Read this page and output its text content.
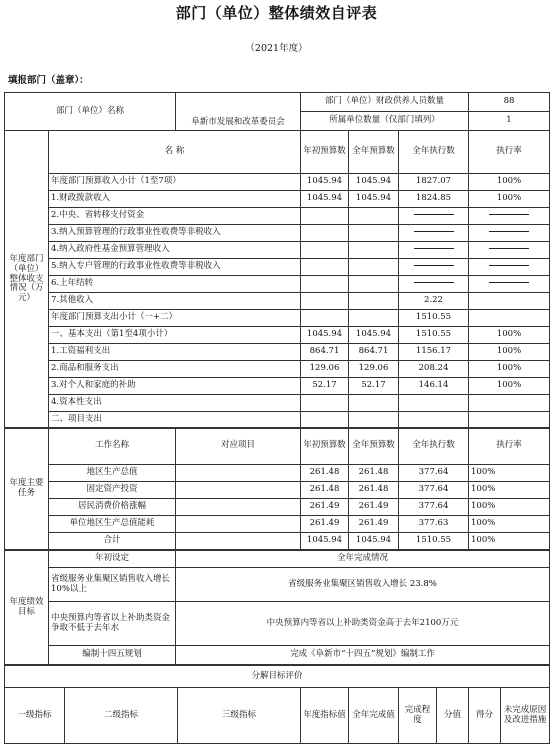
部门（单位）整体绩效自评表
（2021年度）
填报部门（盖章）：
部门（单位）名称	阜新市发展和改革委员会	部门（单位）财政供养人员数量	88
		所属单位数量（仅部门填列）	1
年度部门（单位）整体收支情况（万元）	名 称	年初预算数	全年预算数	全年执行数	执行率
	年度部门预算收入小计（1至7项）	1045.94	1045.94	1827.07	100%
	1.财政拨款收入	1045.94	1045.94	1824.85	100%
	2.中央、省转移支付资金				
	3.纳入预算管理的行政事业性收费等非税收入				
	4.纳入政府性基金预算管理收入				
	5.纳入专户管理的行政事业性收费等非税收入				
	6.上年结转				
	7.其他收入			2.22	
	年度部门预算支出小计（一+二）			1510.55	
	一、基本支出（第1至4项小计）	1045.94	1045.94	1510.55	100%
	1.工资福利支出	864.71	864.71	1156.17	100%
	2.商品和服务支出	129.06	129.06	208.24	100%
	3.对个人和家庭的补助	52.17	52.17	146.14	100%
	4.资本性支出				
	二、项目支出				
年度主要任务	工作名称	对应项目	年初预算数	全年预算数	全年执行数	执行率
	地区生产总值		261.48	261.48	377.64	100%
	固定资产投资		261.48	261.48	377.64	100%
	居民消费价格涨幅		261.49	261.49	377.64	100%
	单位地区生产总值能耗		261.49	261.49	377.63	100%
	合计		1045.94	1045.94	1510.55	100%
年度绩效目标	年初设定	全年完成情况
	省级服务业集聚区销售收入增长10%以上	省级服务业集聚区销售收入增长 23.8%
	中央预算内等省以上补助类资金争取不低于去年水	中央预算内等省以上补助类资金高于去年2100万元
	编制十四五规划	完成《阜新市“十四五”规划》编制工作
分解目标评价
一级指标	二级指标	三级指标	年度指标值	全年完成值	完成程度	分值	得分	未完成原因及改进措施
